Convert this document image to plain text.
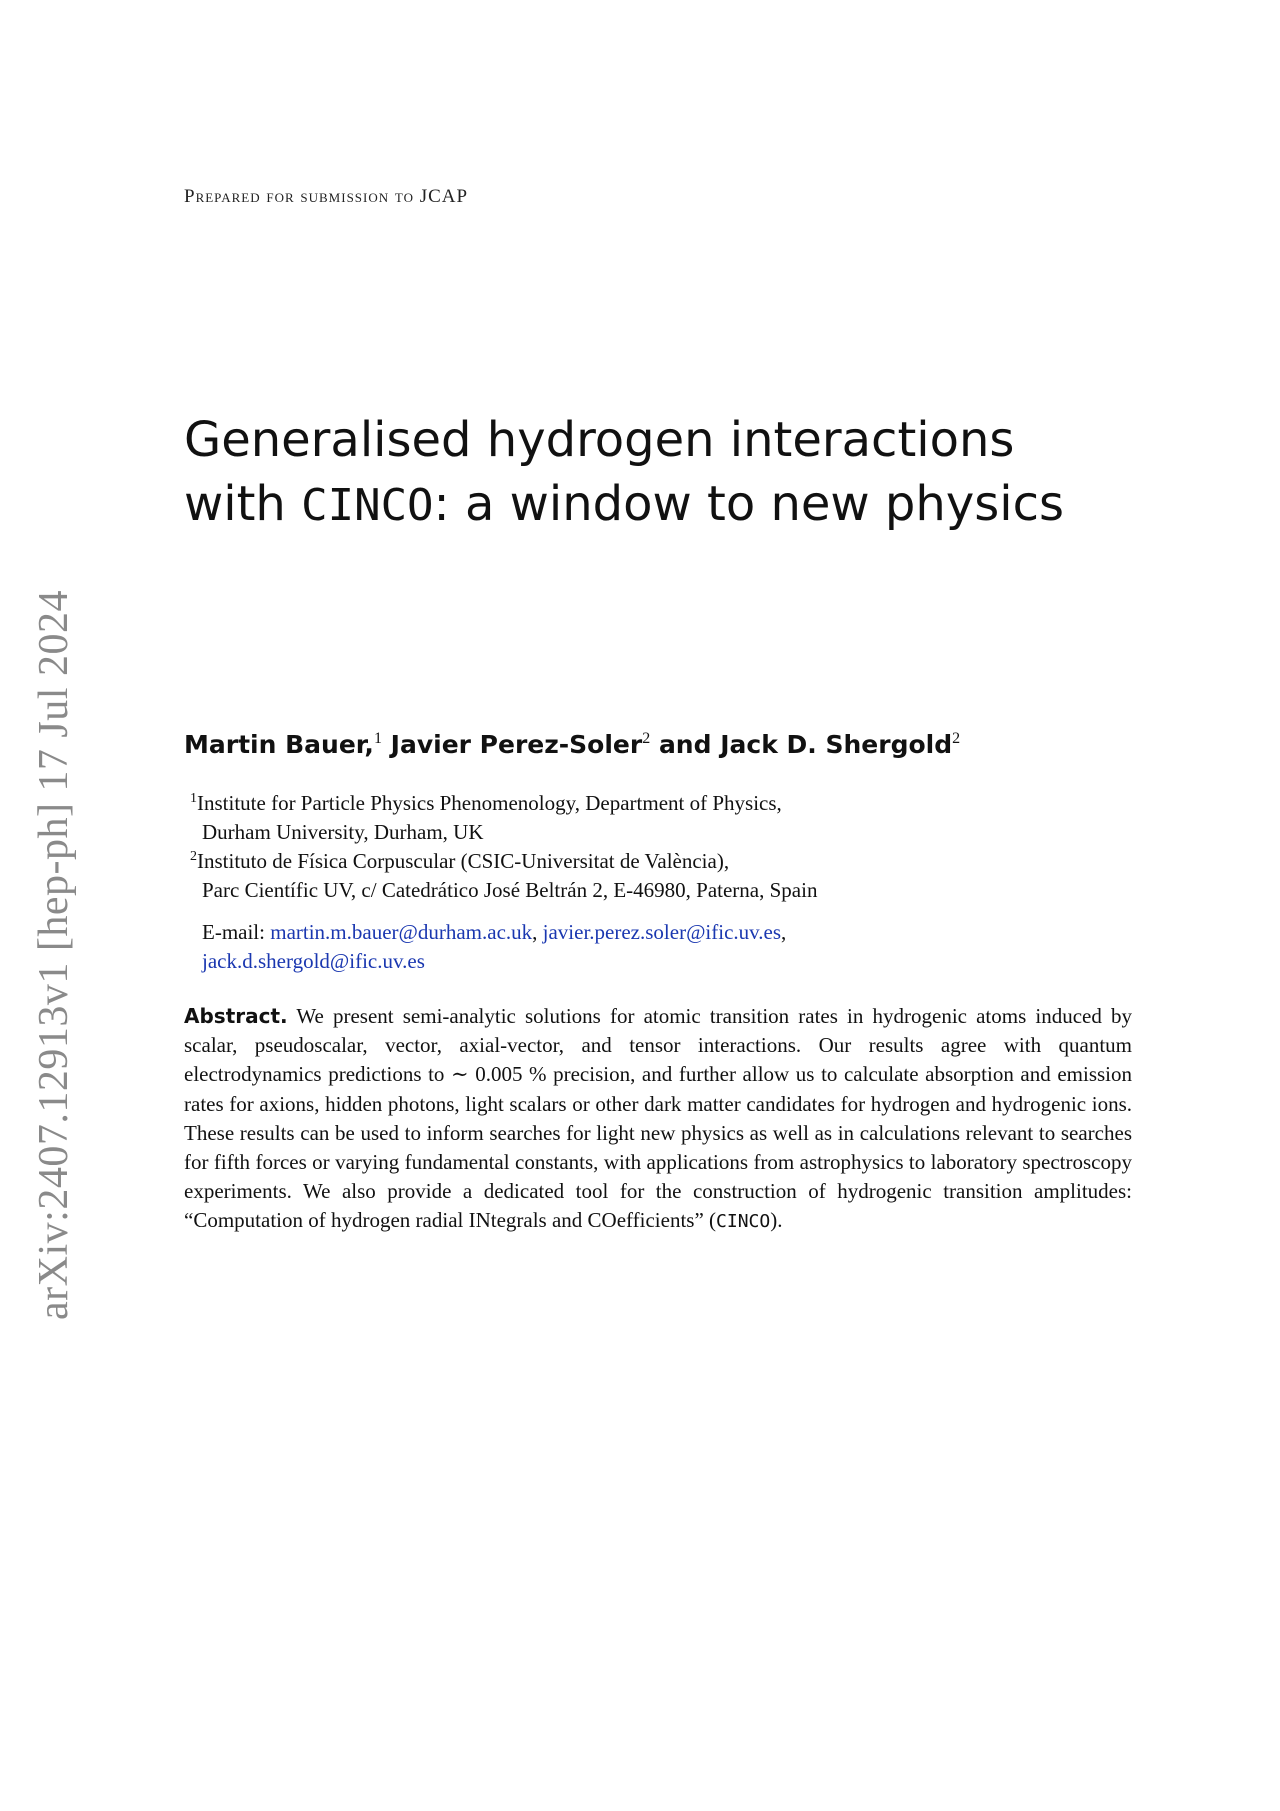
arXiv:2407.12913v1 [hep-ph] 17 Jul 2024
Prepared for submission to JCAP
Generalised hydrogen interactions with CINCO: a window to new physics
Martin Bauer,$^1$ Javier Perez-Soler$^2$ and Jack D. Shergold$^2$
$^1$Institute for Particle Physics Phenomenology, Department of Physics,
Durham University, Durham, UK
$^2$Instituto de Física Corpuscular (CSIC-Universitat de València),
Parc Científic UV, c/ Catedrático José Beltrán 2, E-46980, Paterna, Spain
E-mail: martin.m.bauer@durham.ac.uk, javier.perez.soler@ific.uv.es,
jack.d.shergold@ific.uv.es
Abstract. We present semi-analytic solutions for atomic transition rates in hydrogenic atoms induced by scalar, pseudoscalar, vector, axial-vector, and tensor interactions. Our results agree with quantum electrodynamics predictions to ∼ 0.005 % precision, and further allow us to calculate absorption and emission rates for axions, hidden photons, light scalars or other dark matter candidates for hydrogen and hydrogenic ions. These results can be used to inform searches for light new physics as well as in calculations relevant to searches for fifth forces or varying fundamental constants, with applications from astrophysics to laboratory spectroscopy experiments. We also provide a dedicated tool for the construction of hydrogenic transition amplitudes: “Computation of hydrogen radial INtegrals and COefficients” (CINCO).
